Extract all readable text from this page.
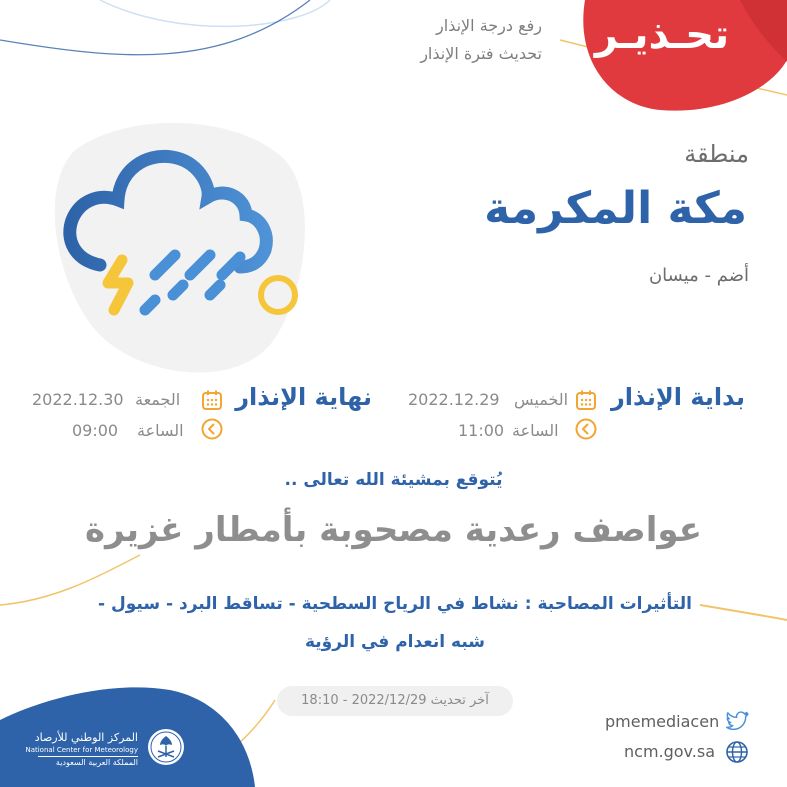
تحـذيـر
رفع درجة الإنذار
تحديث فترة الإنذار
منطقة
مكة المكرمة
أضم - ميسان
بداية الإنذار
الخميس
2022.12.29
الساعة
11:00
نهاية الإنذار
الجمعة
2022.12.30
الساعة
09:00
يُتوقع بمشيئة الله تعالى ..
عواصف رعدية مصحوبة بأمطار غزيرة
التأثيرات المصاحبة : نشاط في الرياح السطحية - تساقط البرد - سيول -
شبه انعدام في الرؤية
آخر تحديث 2022/12/29 - 18:10
pmemediacen
ncm.gov.sa
المركز الوطني للأرصاد
National Center for Meteorology
المملكة العربية السعودية
